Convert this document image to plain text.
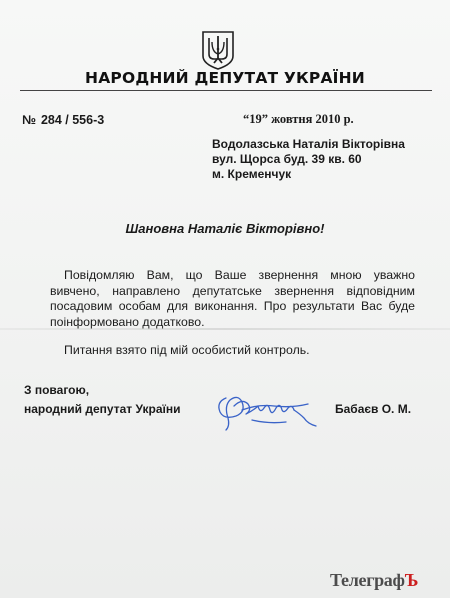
НАРОДНИЙ ДЕПУТАТ УКРАЇНИ
№ 284 / 556-3	“19” жовтня 2010 р.
Водолазська Наталія Вікторівна
вул. Щорса буд. 39 кв. 60
м. Кременчук
Шановна Наталіє Вікторівно!

Повідомляю Вам, що Ваше звернення мною уважно вивчено, направлено депутатське звернення відповідним посадовим особам для виконання. Про результати Вас буде поінформовано додатково.

Питання взято під мій особистий контроль.
З повагою,
народний депутат України	Бабаєв О. М.
ТелеграфЪ
